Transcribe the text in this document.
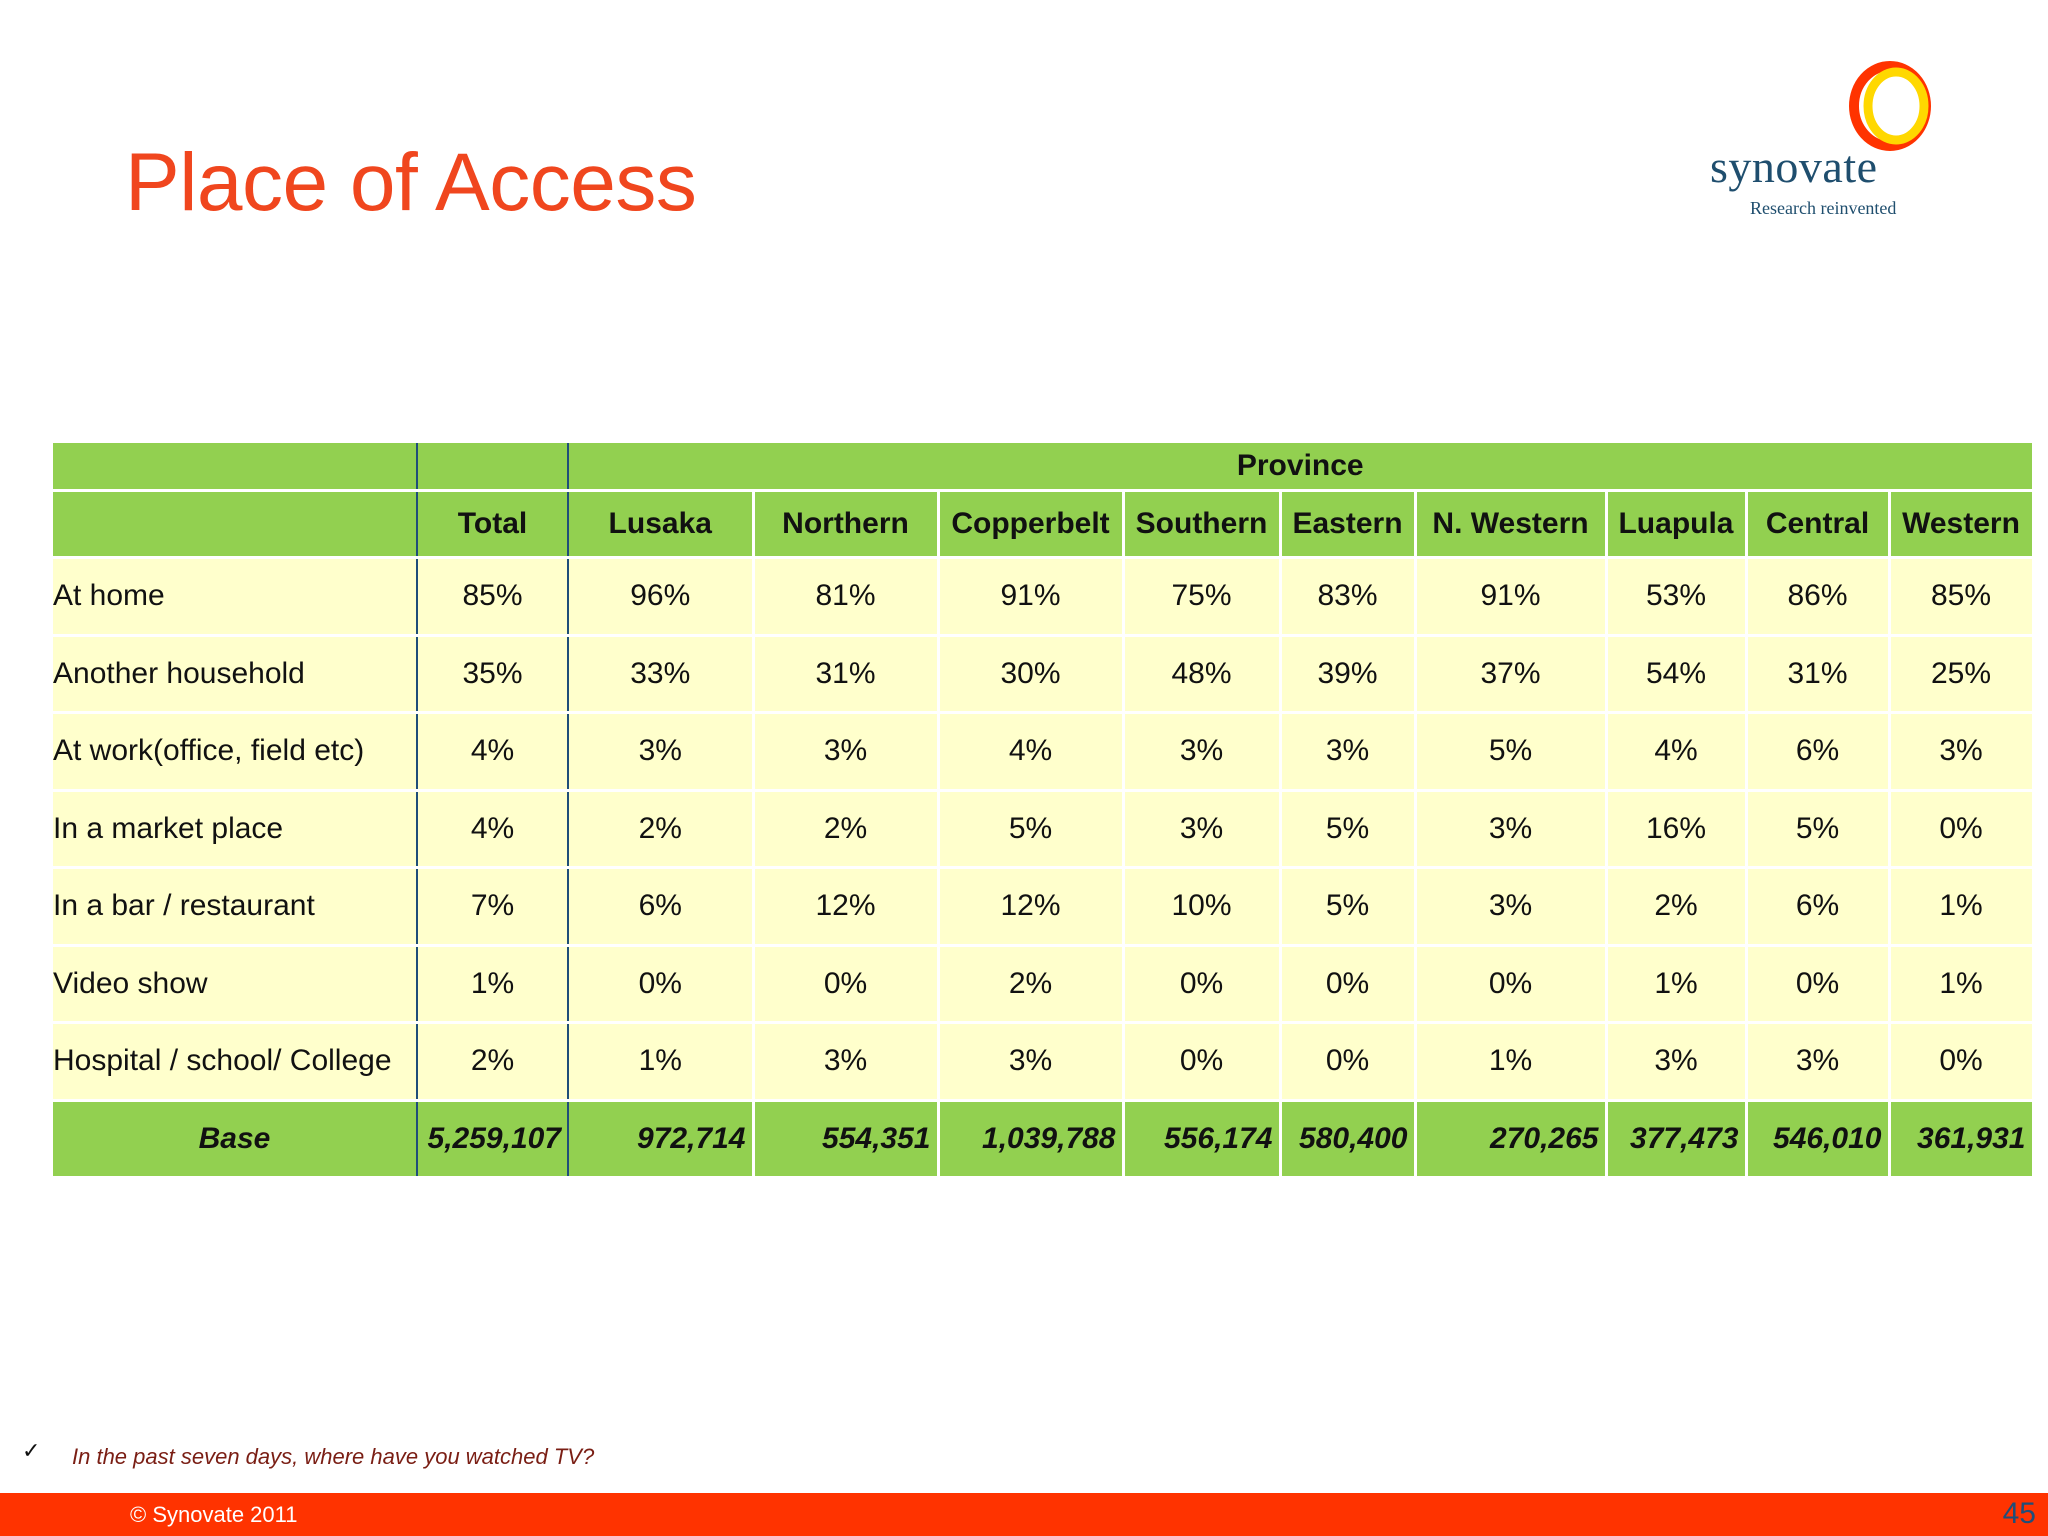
Place of Access	synovate
Research reinvented
		Province								
	Total	Lusaka	Northern	Copperbelt	Southern	Eastern	N. Western	Luapula	Central	Western
At home	85%	96%	81%	91%	75%	83%	91%	53%	86%	85%
Another household	35%	33%	31%	30%	48%	39%	37%	54%	31%	25%
At work(office, field etc)	4%	3%	3%	4%	3%	3%	5%	4%	6%	3%
In a market place	4%	2%	2%	5%	3%	5%	3%	16%	5%	0%
In a bar / restaurant	7%	6%	12%	12%	10%	5%	3%	2%	6%	1%
Video show	1%	0%	0%	2%	0%	0%	0%	1%	0%	1%
Hospital / school/ College	2%	1%	3%	3%	0%	0%	1%	3%	3%	0%
Base	5,259,107	972,714	554,351	1,039,788	556,174	580,400	270,265	377,473	546,010	361,931
✓ In the past seven days, where have you watched TV?
© Synovate 2011	45
